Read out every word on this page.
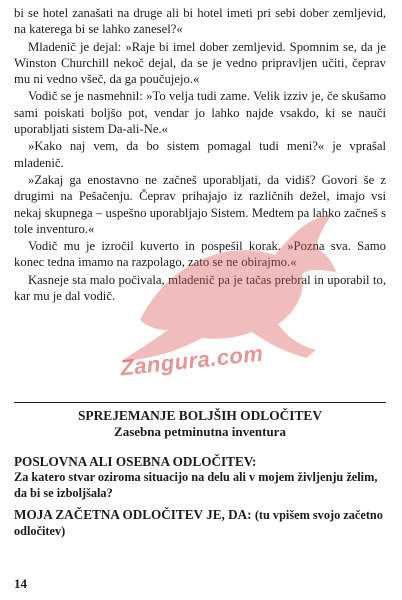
bi se hotel zanašati na druge ali bi hotel imeti pri sebi dober zemljevid, na katerega bi se lahko zanesel?«

Mladenič je dejal: »Raje bi imel dober zemljevid. Spomnim se, da je Winston Churchill nekoč dejal, da se je vedno pripravljen učiti, čeprav mu ni vedno všeč, da ga poučujejo.«

Vodič se je nasmehnil: »To velja tudi zame. Velik izziv je, če skušamo sami poiskati boljšo pot, vendar jo lahko najde vsakdo, ki se nauči uporabljati sistem Da-ali-Ne.«

»Kako naj vem, da bo sistem pomagal tudi meni?« je vprašal mladenič.

»Zakaj ga enostavno ne začneš uporabljati, da vidiš? Govori še z drugimi na Pešačenju. Čeprav prihajajo iz različnih dežel, imajo vsi nekaj skupnega – uspešno uporabljajo Sistem. Medtem pa lahko začneš s tole inventuro.«

Vodič mu je izročil kuverto in pospešil korak. »Pozna sva. Samo konec tedna imamo na razpolago, zato se ne obirajmo.«

Kasneje sta malo počivala, mladenič pa je tačas prebral in uporabil to, kar mu je dal vodič.

Zangura.com
SPREJEMANJE BOLJŠIH ODLOČITEV
Zasebna petminutna inventura
POSLOVNA ALI OSEBNA ODLOČITEV:
Za katero stvar oziroma situacijo na delu ali v mojem življenju želim, da bi se izboljšala?
MOJA ZAČETNA ODLOČITEV JE, DA: (tu vpišem svojo začetno odločitev)
14
